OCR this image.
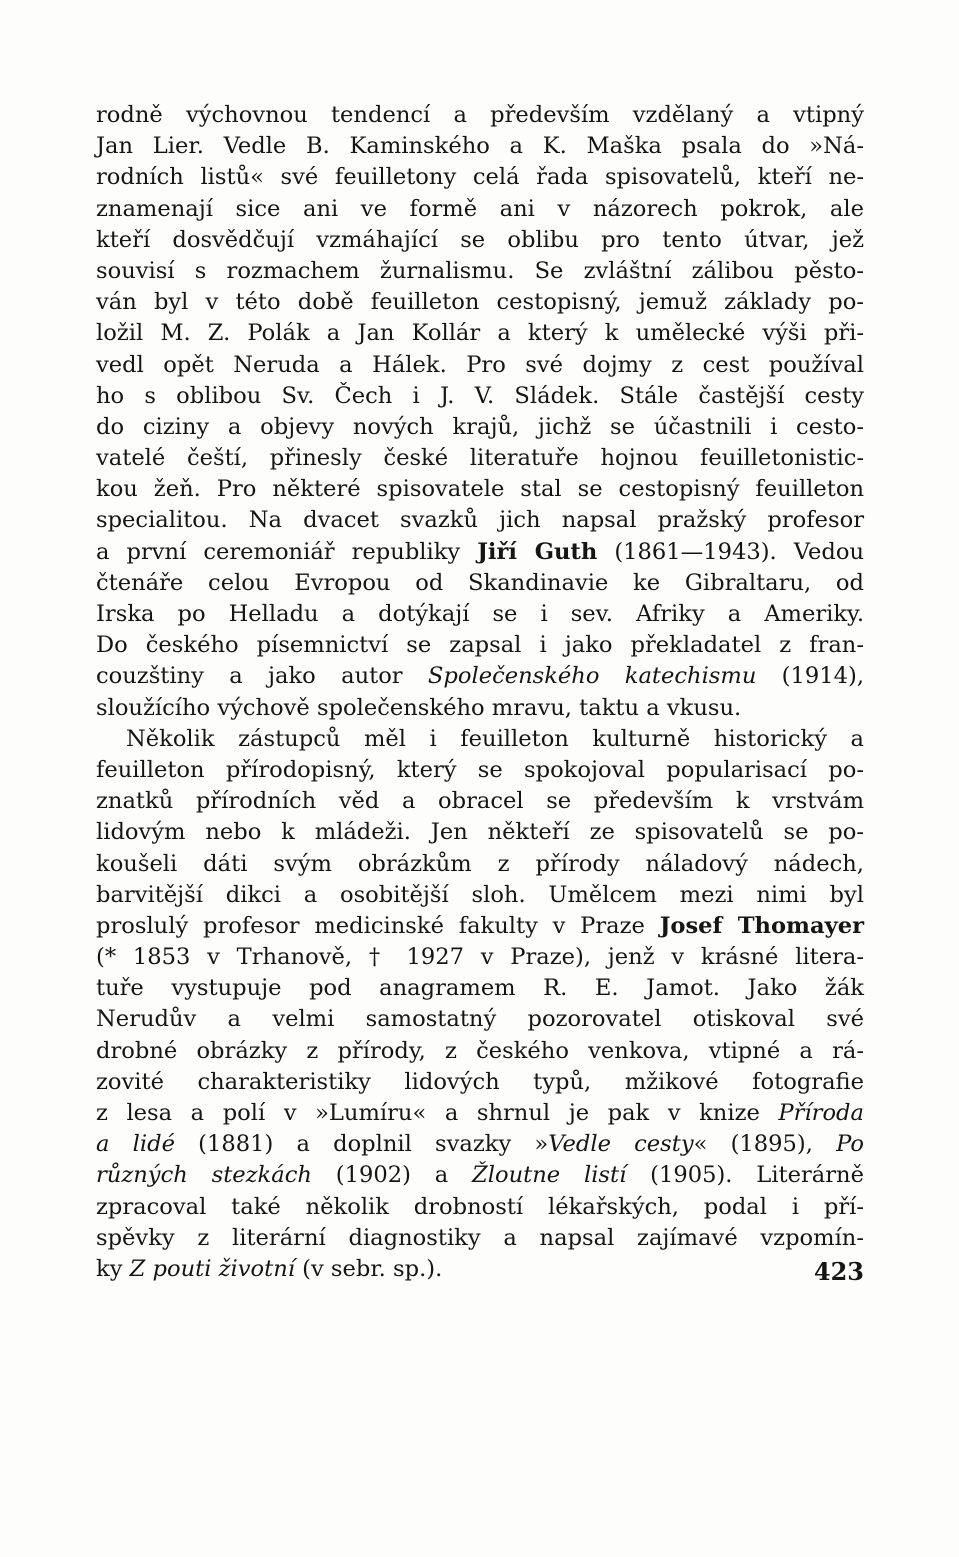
rodně výchovnou tendencí a především vzdělaný a vtipný
Jan Lier. Vedle B. Kaminského a K. Maška psala do »Ná-
rodních listů« své feuilletony celá řada spisovatelů, kteří ne-
znamenají sice ani ve formě ani v názorech pokrok, ale
kteří dosvědčují vzmáhající se oblibu pro tento útvar, jež
souvisí s rozmachem žurnalismu. Se zvláštní zálibou pěsto-
ván byl v této době feuilleton cestopisný, jemuž základy po-
ložil M. Z. Polák a Jan Kollár a který k umělecké výši při-
vedl opět Neruda a Hálek. Pro své dojmy z cest používal
ho s oblibou Sv. Čech i J. V. Sládek. Stále častější cesty
do ciziny a objevy nových krajů, jichž se účastnili i cesto-
vatelé čeští, přinesly české literatuře hojnou feuilletonistic-
kou žeň. Pro některé spisovatele stal se cestopisný feuilleton
specialitou. Na dvacet svazků jich napsal pražský profesor
a první ceremoniář republiky Jiří Guth (1861—1943). Vedou
čtenáře celou Evropou od Skandinavie ke Gibraltaru, od
Irska po Helladu a dotýkají se i sev. Afriky a Ameriky.
Do českého písemnictví se zapsal i jako překladatel z fran-
couzštiny a jako autor Společenského katechismu (1914),
sloužícího výchově společenského mravu, taktu a vkusu.
Několik zástupců měl i feuilleton kulturně historický a
feuilleton přírodopisný, který se spokojoval popularisací po-
znatků přírodních věd a obracel se především k vrstvám
lidovým nebo k mládeži. Jen někteří ze spisovatelů se po-
koušeli dáti svým obrázkům z přírody náladový nádech,
barvitější dikci a osobitější sloh. Umělcem mezi nimi byl
proslulý profesor medicinské fakulty v Praze Josef Thomayer
(* 1853 v Trhanově, † 1927 v Praze), jenž v krásné litera-
tuře vystupuje pod anagramem R. E. Jamot. Jako žák
Nerudův a velmi samostatný pozorovatel otiskoval své
drobné obrázky z přírody, z českého venkova, vtipné a rá-
zovité charakteristiky lidových typů, mžikové fotografie
z lesa a polí v »Lumíru« a shrnul je pak v knize Příroda
a lidé (1881) a doplnil svazky »Vedle cesty« (1895), Po
různých stezkách (1902) a Žloutne listí (1905). Literárně
zpracoval také několik drobností lékařských, podal i pří-
spěvky z literární diagnostiky a napsal zajímavé vzpomín-
ky Z pouti životní (v sebr. sp.).	423
